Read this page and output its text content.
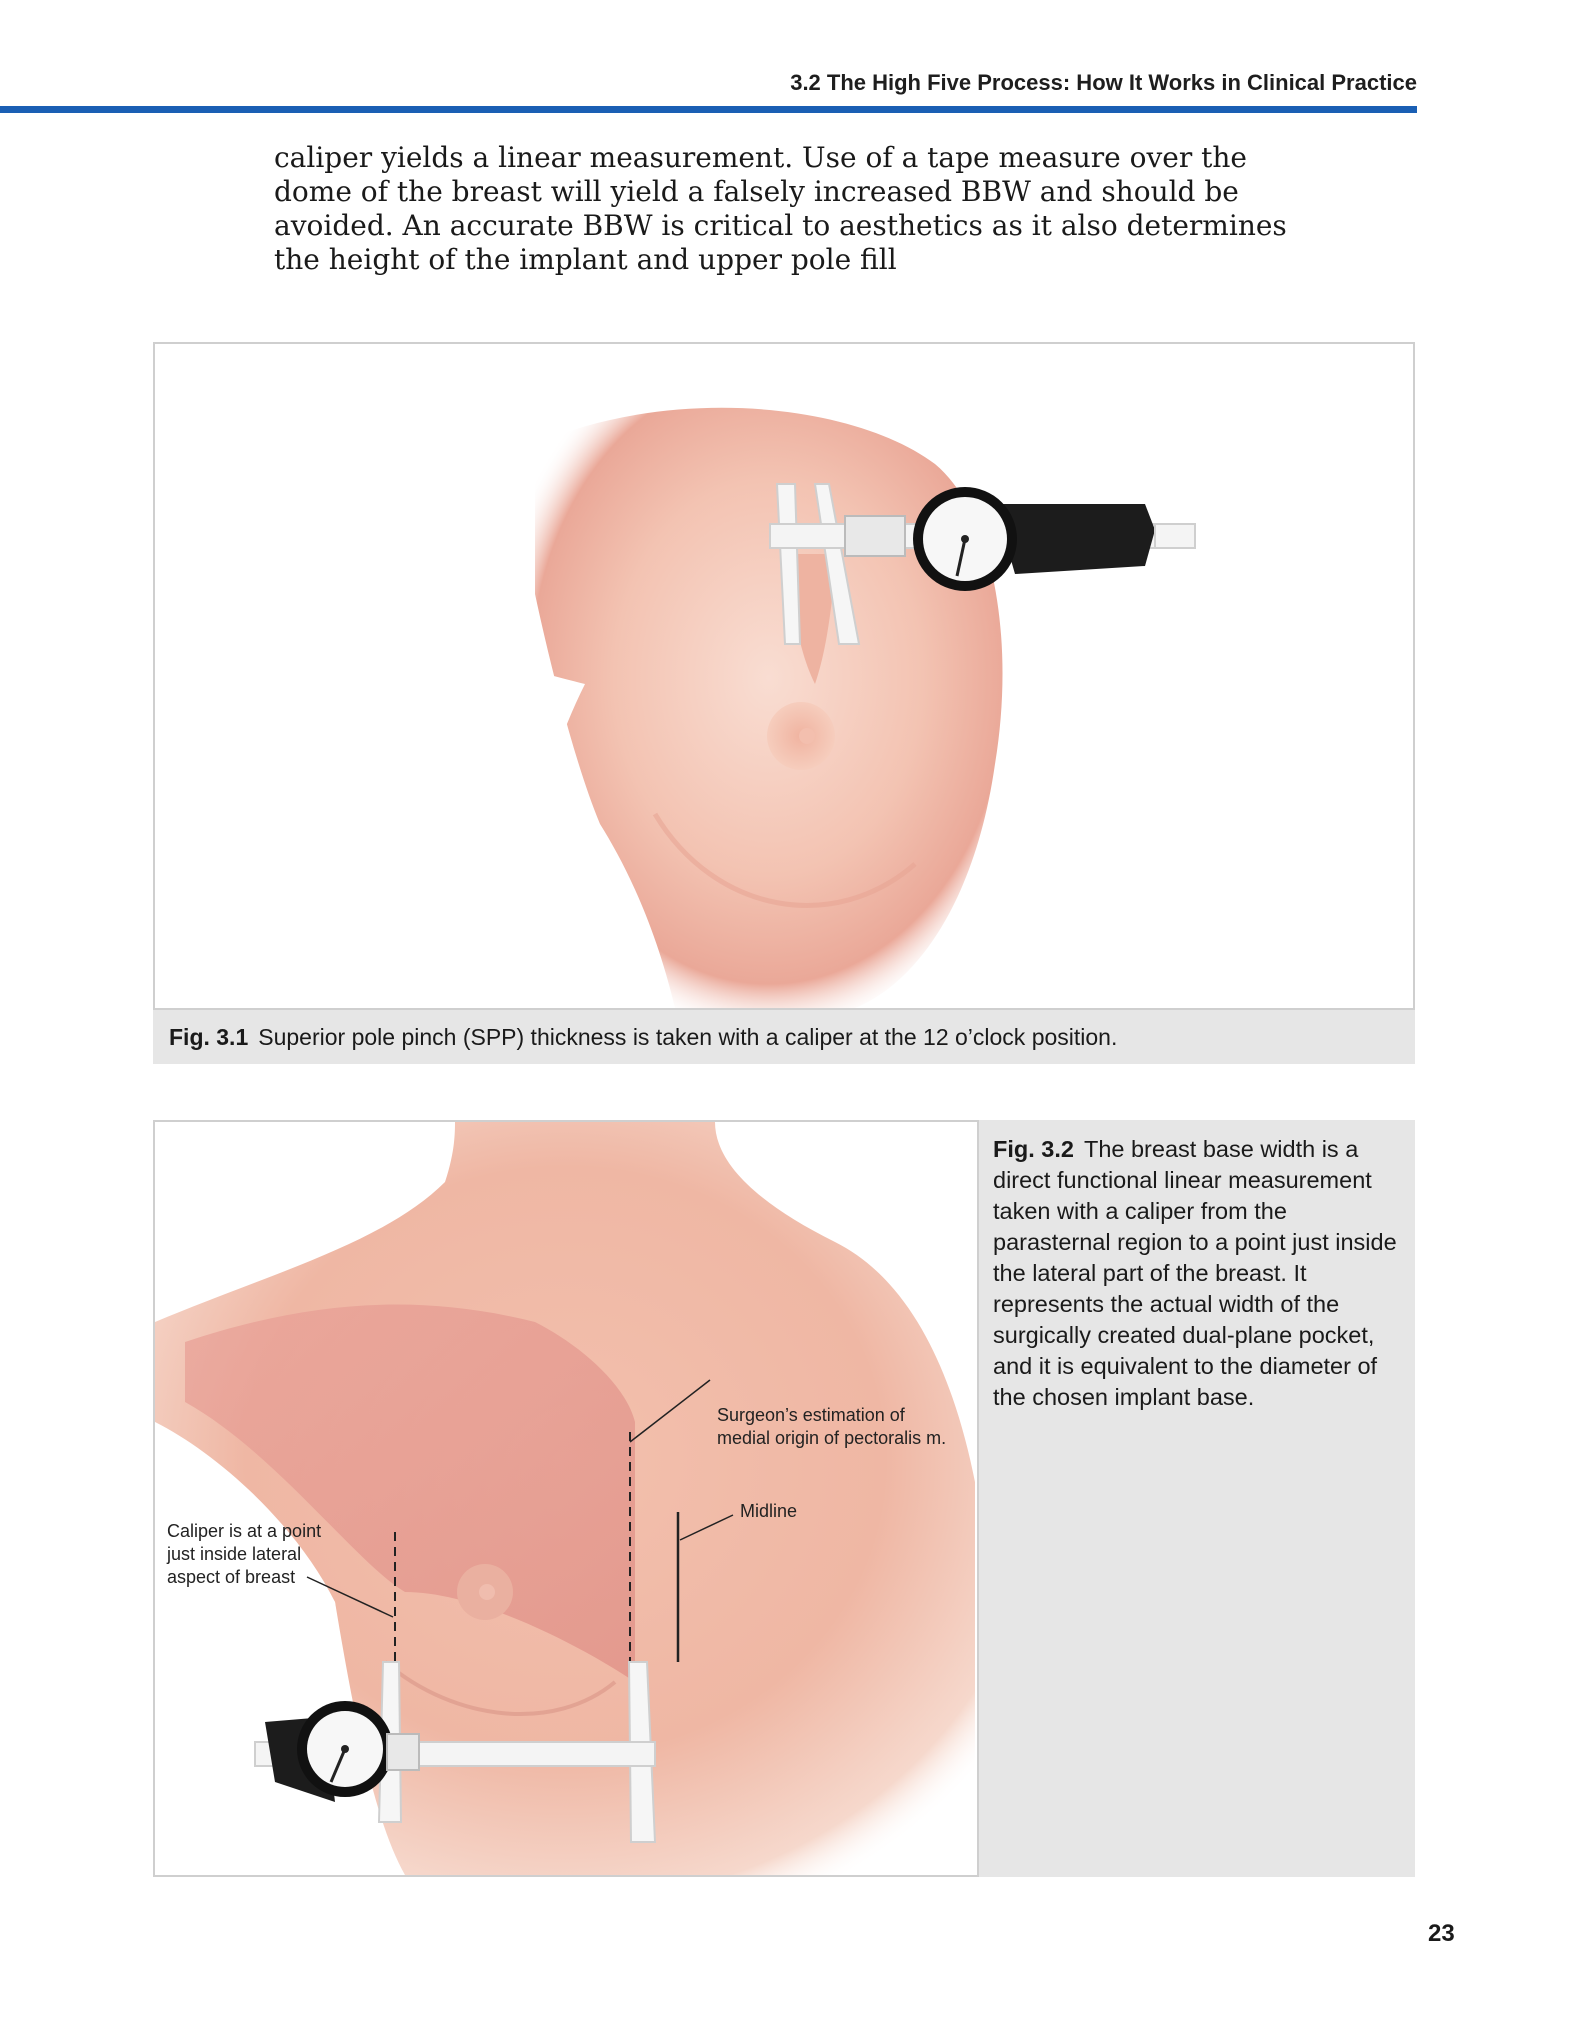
3.2 The High Five Process: How It Works in Clinical Practice

caliper yields a linear measurement. Use of a tape measure over the dome of the breast will yield a falsely increased BBW and should be avoided. An accurate BBW is critical to aesthetics as it also determines the height of the implant and upper pole fill

Fig. 3.1 Superior pole pinch (SPP) thickness is taken with a caliper at the 12 o’clock position.
Surgeon’s estimation of
medial origin of pectoralis m.
Midline
Caliper is at a point
just inside lateral
aspect of breast
Fig. 3.2 The breast base width is a direct functional linear measurement taken with a caliper from the parasternal region to a point just inside the lateral part of the breast. It represents the actual width of the surgically created dual-plane pocket, and it is equivalent to the diameter of the chosen implant base.
23
